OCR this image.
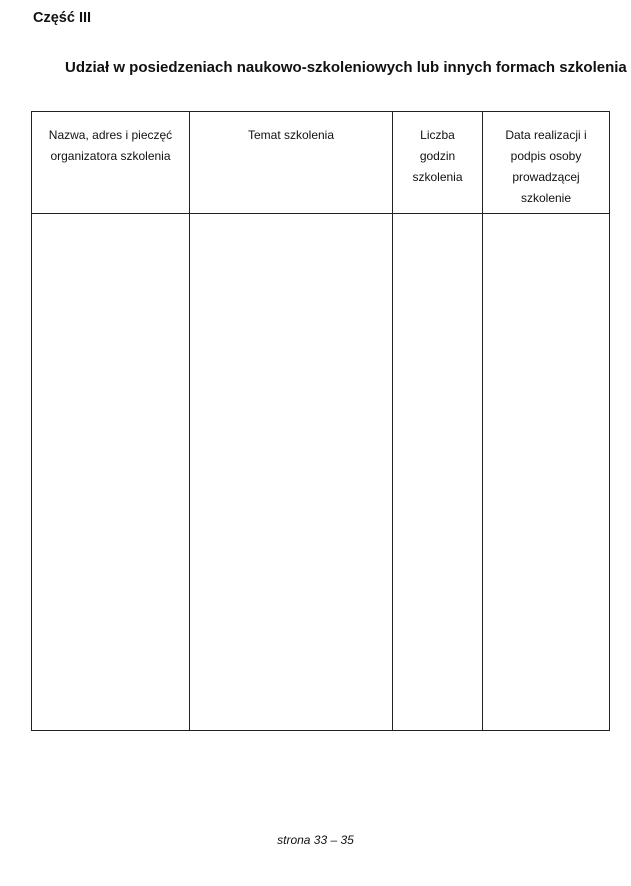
Część III
Udział w posiedzeniach naukowo-szkoleniowych lub innych formach szkolenia
Nazwa, adres i pieczęć organizatora szkolenia	Temat szkolenia	Liczba godzin szkolenia	Data realizacji i podpis osoby prowadzącej szkolenie

strona 33 – 35
